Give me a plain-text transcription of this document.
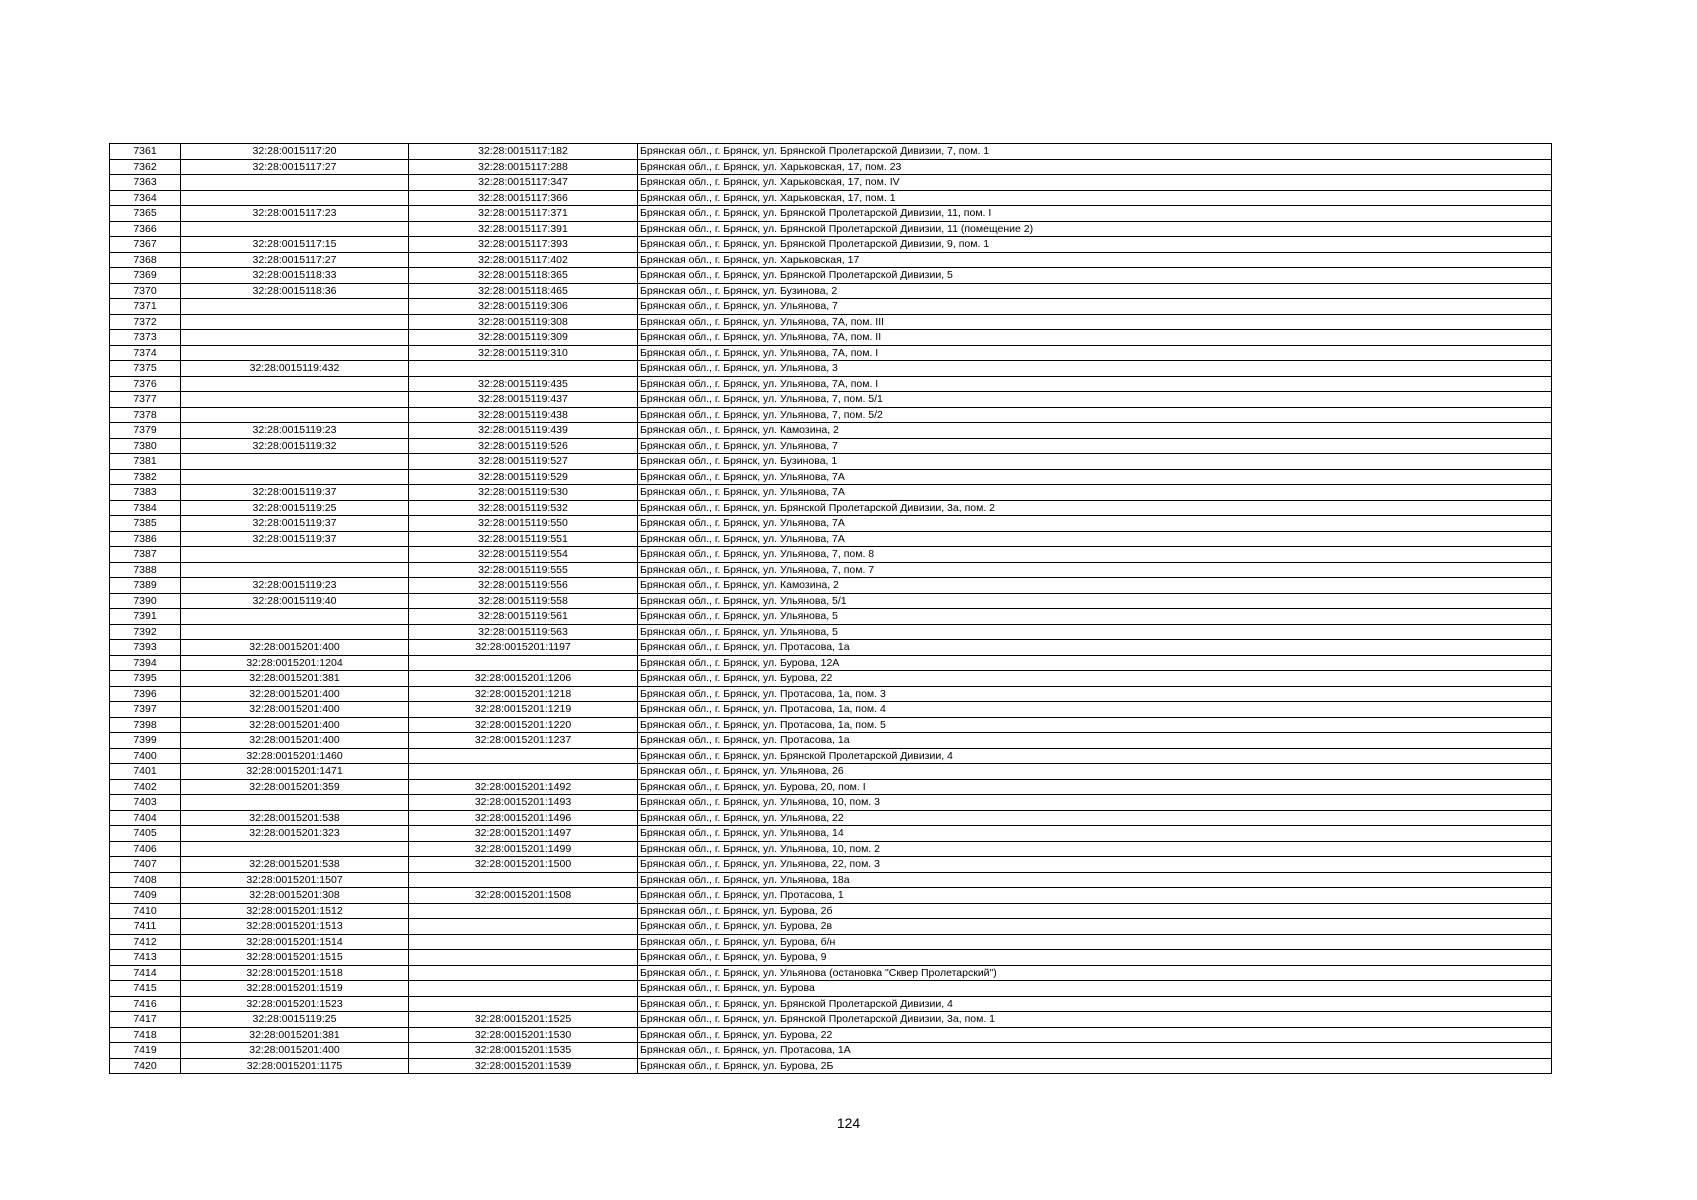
7361	32:28:0015117:20	32:28:0015117:182	Брянская обл., г. Брянск, ул. Брянской Пролетарской Дивизии, 7, пом. 1
7362	32:28:0015117:27	32:28:0015117:288	Брянская обл., г. Брянск, ул. Харьковская, 17, пом. 23
7363		32:28:0015117:347	Брянская обл., г. Брянск, ул. Харьковская, 17, пом. IV
7364		32:28:0015117:366	Брянская обл., г. Брянск, ул. Харьковская, 17, пом. 1
7365	32:28:0015117:23	32:28:0015117:371	Брянская обл., г. Брянск, ул. Брянской Пролетарской Дивизии, 11, пом. I
7366		32:28:0015117:391	Брянская обл., г. Брянск, ул. Брянской Пролетарской Дивизии, 11 (помещение 2)
7367	32:28:0015117:15	32:28:0015117:393	Брянская обл., г. Брянск, ул. Брянской Пролетарской Дивизии, 9, пом. 1
7368	32:28:0015117:27	32:28:0015117:402	Брянская обл., г. Брянск, ул. Харьковская, 17
7369	32:28:0015118:33	32:28:0015118:365	Брянская обл., г. Брянск, ул. Брянской Пролетарской Дивизии, 5
7370	32:28:0015118:36	32:28:0015118:465	Брянская обл., г. Брянск, ул. Бузинова, 2
7371		32:28:0015119:306	Брянская обл., г. Брянск, ул. Ульянова, 7
7372		32:28:0015119:308	Брянская обл., г. Брянск, ул. Ульянова, 7А, пом. III
7373		32:28:0015119:309	Брянская обл., г. Брянск, ул. Ульянова, 7А, пом. II
7374		32:28:0015119:310	Брянская обл., г. Брянск, ул. Ульянова, 7А, пом. I
7375	32:28:0015119:432		Брянская обл., г. Брянск, ул. Ульянова, 3
7376		32:28:0015119:435	Брянская обл., г. Брянск, ул. Ульянова, 7А, пом. I
7377		32:28:0015119:437	Брянская обл., г. Брянск, ул. Ульянова, 7, пом. 5/1
7378		32:28:0015119:438	Брянская обл., г. Брянск, ул. Ульянова, 7, пом. 5/2
7379	32:28:0015119:23	32:28:0015119:439	Брянская обл., г. Брянск, ул. Камозина, 2
7380	32:28:0015119:32	32:28:0015119:526	Брянская обл., г. Брянск, ул. Ульянова, 7
7381		32:28:0015119:527	Брянская обл., г. Брянск, ул. Бузинова, 1
7382		32:28:0015119:529	Брянская обл., г. Брянск, ул. Ульянова, 7А
7383	32:28:0015119:37	32:28:0015119:530	Брянская обл., г. Брянск, ул. Ульянова, 7А
7384	32:28:0015119:25	32:28:0015119:532	Брянская обл., г. Брянск, ул. Брянской Пролетарской Дивизии, 3а, пом. 2
7385	32:28:0015119:37	32:28:0015119:550	Брянская обл., г. Брянск, ул. Ульянова, 7А
7386	32:28:0015119:37	32:28:0015119:551	Брянская обл., г. Брянск, ул. Ульянова, 7А
7387		32:28:0015119:554	Брянская обл., г. Брянск, ул. Ульянова, 7, пом. 8
7388		32:28:0015119:555	Брянская обл., г. Брянск, ул. Ульянова, 7, пом. 7
7389	32:28:0015119:23	32:28:0015119:556	Брянская обл., г. Брянск, ул. Камозина, 2
7390	32:28:0015119:40	32:28:0015119:558	Брянская обл., г. Брянск, ул. Ульянова, 5/1
7391		32:28:0015119:561	Брянская обл., г. Брянск, ул. Ульянова, 5
7392		32:28:0015119:563	Брянская обл., г. Брянск, ул. Ульянова, 5
7393	32:28:0015201:400	32:28:0015201:1197	Брянская обл., г. Брянск, ул. Протасова, 1а
7394	32:28:0015201:1204		Брянская обл., г. Брянск, ул. Бурова, 12А
7395	32:28:0015201:381	32:28:0015201:1206	Брянская обл., г. Брянск, ул. Бурова, 22
7396	32:28:0015201:400	32:28:0015201:1218	Брянская обл., г. Брянск, ул. Протасова, 1а, пом. 3
7397	32:28:0015201:400	32:28:0015201:1219	Брянская обл., г. Брянск, ул. Протасова, 1а, пом. 4
7398	32:28:0015201:400	32:28:0015201:1220	Брянская обл., г. Брянск, ул. Протасова, 1а, пом. 5
7399	32:28:0015201:400	32:28:0015201:1237	Брянская обл., г. Брянск, ул. Протасова, 1а
7400	32:28:0015201:1460		Брянская обл., г. Брянск, ул. Брянской Пролетарской Дивизии, 4
7401	32:28:0015201:1471		Брянская обл., г. Брянск, ул. Ульянова, 26
7402	32:28:0015201:359	32:28:0015201:1492	Брянская обл., г. Брянск, ул. Бурова, 20, пом. I
7403		32:28:0015201:1493	Брянская обл., г. Брянск, ул. Ульянова, 10, пом. 3
7404	32:28:0015201:538	32:28:0015201:1496	Брянская обл., г. Брянск, ул. Ульянова, 22
7405	32:28:0015201:323	32:28:0015201:1497	Брянская обл., г. Брянск, ул. Ульянова, 14
7406		32:28:0015201:1499	Брянская обл., г. Брянск, ул. Ульянова, 10, пом. 2
7407	32:28:0015201:538	32:28:0015201:1500	Брянская обл., г. Брянск, ул. Ульянова, 22, пом. 3
7408	32:28:0015201:1507		Брянская обл., г. Брянск, ул. Ульянова, 18а
7409	32:28:0015201:308	32:28:0015201:1508	Брянская обл., г. Брянск, ул. Протасова, 1
7410	32:28:0015201:1512		Брянская обл., г. Брянск, ул. Бурова, 2б
7411	32:28:0015201:1513		Брянская обл., г. Брянск, ул. Бурова, 2в
7412	32:28:0015201:1514		Брянская обл., г. Брянск, ул. Бурова, б/н
7413	32:28:0015201:1515		Брянская обл., г. Брянск, ул. Бурова, 9
7414	32:28:0015201:1518		Брянская обл., г. Брянск, ул. Ульянова (остановка "Сквер Пролетарский")
7415	32:28:0015201:1519		Брянская обл., г. Брянск, ул. Бурова
7416	32:28:0015201:1523		Брянская обл., г. Брянск, ул. Брянской Пролетарской Дивизии, 4
7417	32:28:0015119:25	32:28:0015201:1525	Брянская обл., г. Брянск, ул. Брянской Пролетарской Дивизии, 3а, пом. 1
7418	32:28:0015201:381	32:28:0015201:1530	Брянская обл., г. Брянск, ул. Бурова, 22
7419	32:28:0015201:400	32:28:0015201:1535	Брянская обл., г. Брянск, ул. Протасова, 1А
7420	32:28:0015201:1175	32:28:0015201:1539	Брянская обл., г. Брянск, ул. Бурова, 2Б
124
